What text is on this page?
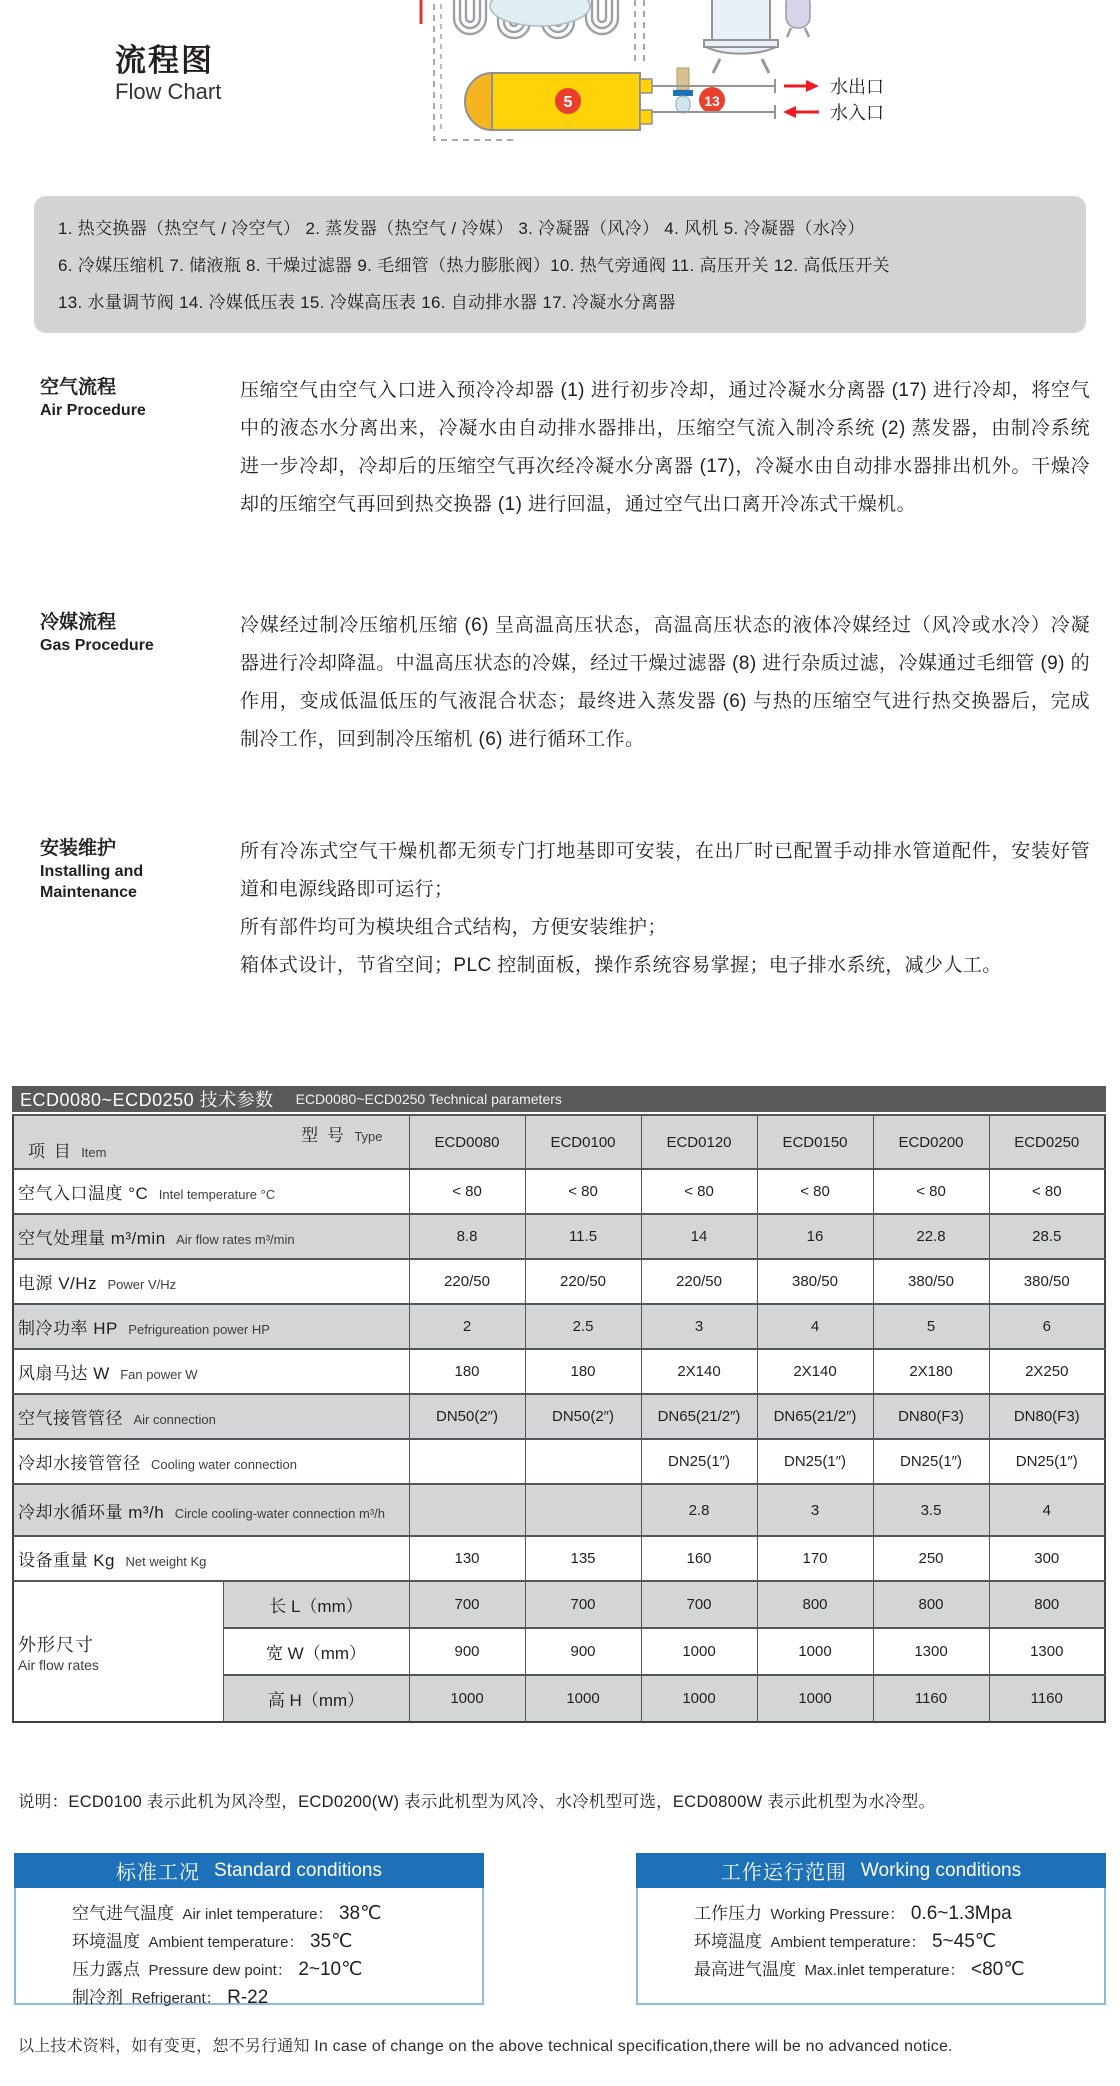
5	13
水出口
水入口
流程图
Flow Chart
1. 热交换器（热空气 / 冷空气） 2. 蒸发器（热空气 / 冷媒） 3. 冷凝器（风冷） 4. 风机 5. 冷凝器（水冷）
6. 冷媒压缩机 7. 储液瓶 8. 干燥过滤器 9. 毛细管（热力膨胀阀）10. 热气旁通阀 11. 高压开关 12. 高低压开关
13. 水量调节阀 14. 冷媒低压表 15. 冷媒高压表 16. 自动排水器 17. 冷凝水分离器
空气流程
Air Procedure

压缩空气由空气入口进入预冷冷却器 (1) 进行初步冷却，通过冷凝水分离器 (17) 进行冷却，将空气中的液态水分离出来，冷凝水由自动排水器排出，压缩空气流入制冷系统 (2) 蒸发器，由制冷系统进一步冷却，冷却后的压缩空气再次经冷凝水分离器 (17)，冷凝水由自动排水器排出机外。干燥冷却的压缩空气再回到热交换器 (1) 进行回温，通过空气出口离开冷冻式干燥机。

冷媒流程
Gas Procedure

冷媒经过制冷压缩机压缩 (6) 呈高温高压状态，高温高压状态的液体冷媒经过（风冷或水冷）冷凝器进行冷却降温。中温高压状态的冷媒，经过干燥过滤器 (8) 进行杂质过滤，冷媒通过毛细管 (9) 的作用，变成低温低压的气液混合状态；最终进入蒸发器 (6) 与热的压缩空气进行热交换器后，完成制冷工作，回到制冷压缩机 (6) 进行循环工作。

安装维护
Installing and Maintenance

所有冷冻式空气干燥机都无须专门打地基即可安装，在出厂时已配置手动排水管道配件，安装好管道和电源线路即可运行；

所有部件均可为模块组合式结构，方便安装维护；

箱体式设计，节省空间；PLC 控制面板，操作系统容易掌握；电子排水系统，减少人工。

ECD0080~ECD0250 技术参数 ECD0080~ECD0250 Technical parameters
型 号 Type
项 目 Item		ECD0080	ECD0100	ECD0120	ECD0150	ECD0200	ECD0250
空气入口温度 °C Intel temperature °C		< 80	< 80	< 80	< 80	< 80	< 80
空气处理量 m³/min Air flow rates m³/min		8.8	11.5	14	16	22.8	28.5
电源 V/Hz Power V/Hz		220/50	220/50	220/50	380/50	380/50	380/50
制冷功率 HP Pefrigureation power HP		2	2.5	3	4	5	6
风扇马达 W Fan power W		180	180	2X140	2X140	2X180	2X250
空气接管管径 Air connection		DN50(2″)	DN50(2″)	DN65(21/2″)	DN65(21/2″)	DN80(F3)	DN80(F3)
冷却水接管管径 Cooling water connection				DN25(1″)	DN25(1″)	DN25(1″)	DN25(1″)
冷却水循环量 m³/h Circle cooling-water connection m³/h				2.8	3	3.5	4
设备重量 Kg Net weight Kg		130	135	160	170	250	300

外形尺寸
Air flow rates	长 L（mm）	700	700	700	800	800	800
	宽 W（mm）	900	900	1000	1000	1300	1300
	高 H（mm）	1000	1000	1000	1000	1160	1160
说明：ECD0100 表示此机为风冷型，ECD0200(W) 表示此机型为风冷、水冷机型可选，ECD0800W 表示此机型为水冷型。
标准工况 Standard conditions
空气进气温度 Air inlet temperature： 38℃
环境温度 Ambient temperature： 35℃
压力露点 Pressure dew point： 2~10℃
制冷剂 Refrigerant： R-22
工作运行范围 Working conditions
工作压力 Working Pressure： 0.6~1.3Mpa
环境温度 Ambient temperature： 5~45℃
最高进气温度 Max.inlet temperature： <80℃
以上技术资料，如有变更，恕不另行通知 In case of change on the above technical specification,there will be no advanced notice.
